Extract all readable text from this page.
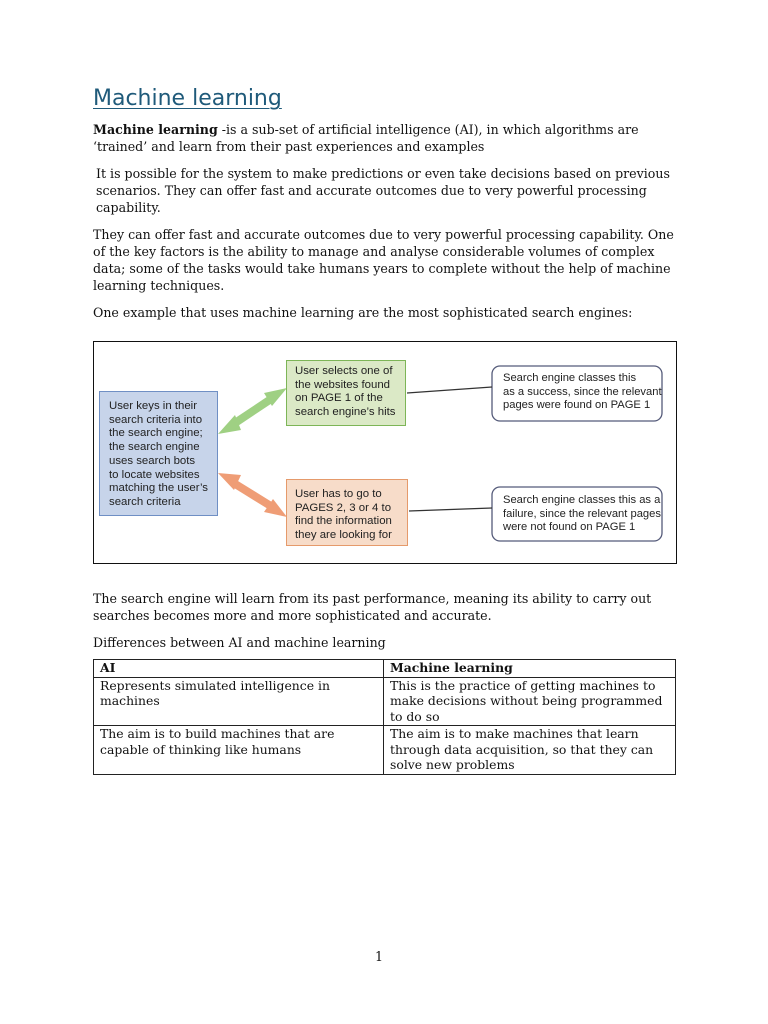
Machine learning

Machine learning -is a sub-set of artificial intelligence (AI), in which algorithms are ‘trained’ and learn from their past experiences and examples

It is possible for the system to make predictions or even take decisions based on previous scenarios. They can offer fast and accurate outcomes due to very powerful processing capability.

They can offer fast and accurate outcomes due to very powerful processing capability. One of the key factors is the ability to manage and analyse considerable volumes of complex data; some of the tasks would take humans years to complete without the help of machine learning techniques.

One example that uses machine learning are the most sophisticated search engines:

User keys in their
search criteria into
the search engine;
the search engine
uses search bots
to locate websites
matching the user’s
search criteria
User selects one of
the websites found
on PAGE 1 of the
search engine’s hits
User has to go to
PAGES 2, 3 or 4 to
find the information
they are looking for
Search engine classes this
as a success, since the relevant
pages were found on PAGE 1
Search engine classes this as a
failure, since the relevant pages
were not found on PAGE 1

The search engine will learn from its past performance, meaning its ability to carry out searches becomes more and more sophisticated and accurate.

Differences between AI and machine learning

AI	Machine learning
Represents simulated intelligence in machines	This is the practice of getting machines to make decisions without being programmed to do so
The aim is to build machines that are capable of thinking like humans	The aim is to make machines that learn through data acquisition, so that they can solve new problems
1
